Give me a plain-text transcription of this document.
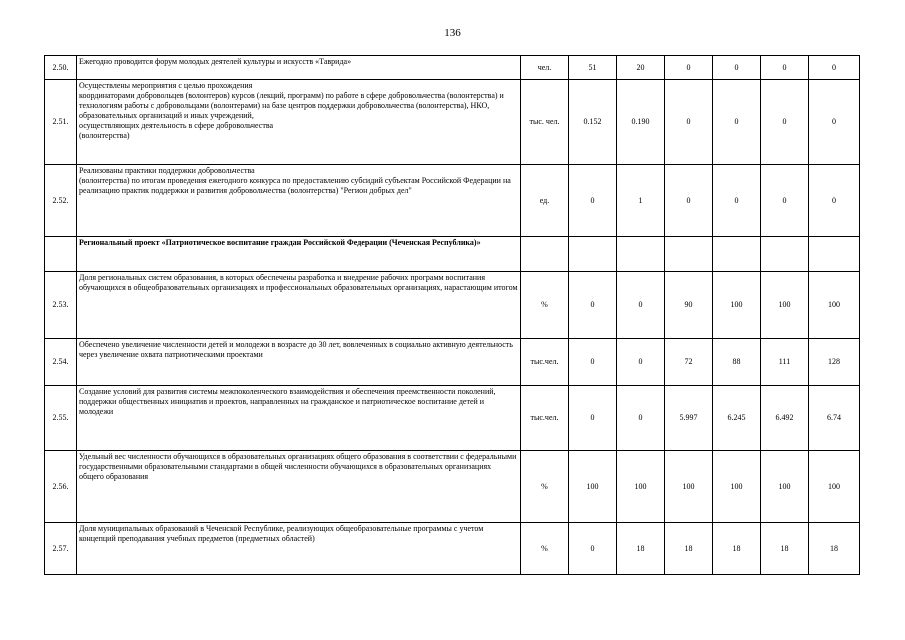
136
2.50.	Ежегодно проводится форум молодых деятелей культуры и искусств «Таврида»	чел.	51	20	0	0	0	0
2.51.	Осуществлены мероприятия с целью прохождения
координаторами добровольцев (волонтеров) курсов (лекций, программ) по работе в сфере добровольчества (волонтерства) и технологиям работы с добровольцами (волонтерами) на базе центров поддержки добровольчества (волонтерства), НКО,
образовательных организаций и иных учреждений,
осуществляющих деятельность в сфере добровольчества
(волонтерства)	тыс. чел.	0.152	0.190	0	0	0	0
2.52.	Реализованы практики поддержки добровольчества
(волонтерства) по итогам проведения ежегодного конкурса по предоставлению субсидий субъектам Российской Федерации на реализацию практик поддержки и развития добровольчества (волонтерства) "Регион добрых дел"	ед.	0	1	0	0	0	0
	Региональный проект «Патриотическое воспитание граждан Российской Федерации (Чеченская Республика)»							
2.53.	Доля региональных систем образования, в которых обеспечены разработка и внедрение рабочих программ воспитания обучающихся в общеобразовательных организациях и профессиональных образовательных организациях, нарастающим итогом	%	0	0	90	100	100	100
2.54.	Обеспечено увеличение численности детей и молодежи в возрасте до 30 лет, вовлеченных в социально активную деятельность через увеличение охвата патриотическими проектами	тыс.чел.	0	0	72	88	111	128
2.55.	Создание условий для развития системы межпоколенческого взаимодействия и обеспечения преемственности поколений, поддержки общественных инициатив и проектов, направленных на гражданское и патриотическое воспитание детей и молодежи	тыс.чел.	0	0	5.997	6.245	6.492	6.74
2.56.	Удельный вес численности обучающихся в образовательных организациях общего образования в соответствии с федеральными государственными образовательными стандартами в общей численности обучающихся в образовательных организациях общего образования	%	100	100	100	100	100	100
2.57.	Доля муниципальных образований в Чеченской Республике, реализующих общеобразовательные программы с учетом концепций преподавания учебных предметов (предметных областей)	%	0	18	18	18	18	18
